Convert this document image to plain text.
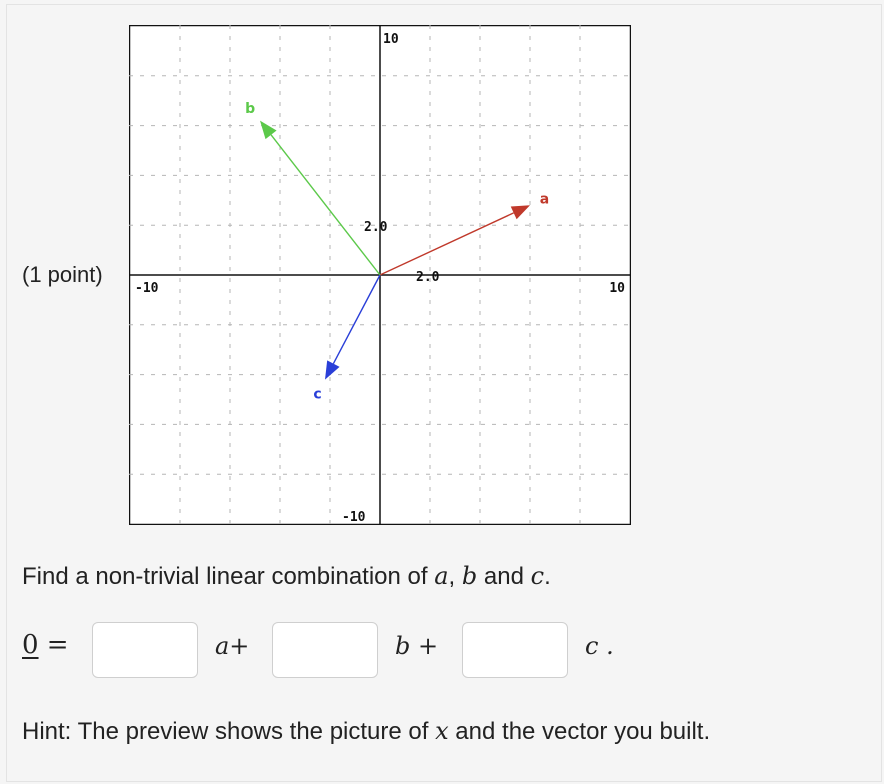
(1 point)
10
-10
-10	10
2.0
2.0
a
b
c
Find a non-trivial linear combination of a, b and c.
0 =	a+	b +	c .
Hint: The preview shows the picture of x and the vector you built.
